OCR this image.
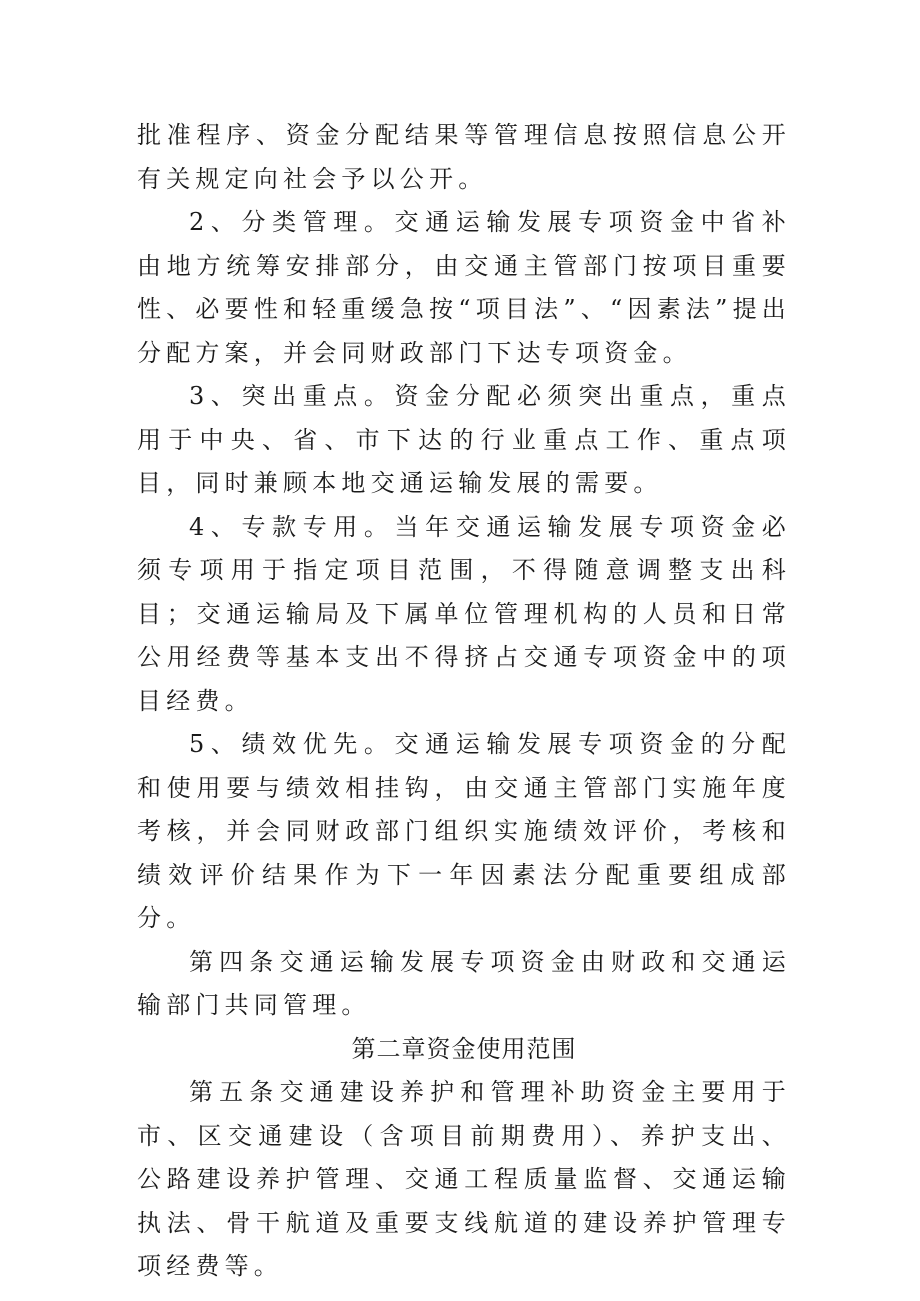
批准程序、资金分配结果等管理信息按照信息公开有关规定向社会予以公开。

2、分类管理。交通运输发展专项资金中省补由地方统筹安排部分，由交通主管部门按项目重要性、必要性和轻重缓急按“项目法”、“因素法”提出分配方案，并会同财政部门下达专项资金。

3、突出重点。资金分配必须突出重点，重点用于中央、省、市下达的行业重点工作、重点项目，同时兼顾本地交通运输发展的需要。

4、专款专用。当年交通运输发展专项资金必须专项用于指定项目范围，不得随意调整支出科目；交通运输局及下属单位管理机构的人员和日常公用经费等基本支出不得挤占交通专项资金中的项目经费。

5、绩效优先。交通运输发展专项资金的分配和使用要与绩效相挂钩，由交通主管部门实施年度考核，并会同财政部门组织实施绩效评价，考核和绩效评价结果作为下一年因素法分配重要组成部分。

第四条交通运输发展专项资金由财政和交通运输部门共同管理。

第二章资金使用范围

第五条交通建设养护和管理补助资金主要用于市、区交通建设（含项目前期费用）、养护支出、公路建设养护管理、交通工程质量监督、交通运输执法、骨干航道及重要支线航道的建设养护管理专项经费等。
